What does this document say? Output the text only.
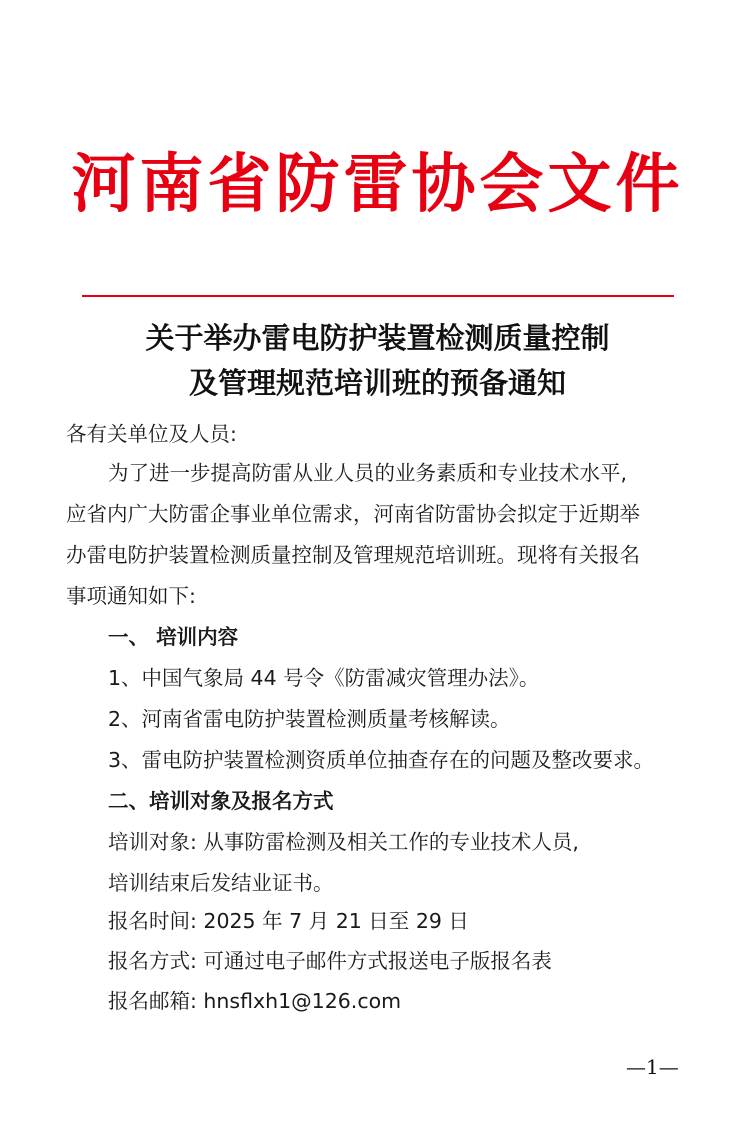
河南省防雷协会文件
关于举办雷电防护装置检测质量控制
及管理规范培训班的预备通知
各有关单位及人员:
为了进一步提高防雷从业人员的业务素质和专业技术水平,
应省内广大防雷企事业单位需求，河南省防雷协会拟定于近期举
办雷电防护装置检测质量控制及管理规范培训班。现将有关报名
事项通知如下:
一、 培训内容
1、中国气象局 44 号令《防雷减灾管理办法》。
2、河南省雷电防护装置检测质量考核解读。
3、雷电防护装置检测资质单位抽查存在的问题及整改要求。
二、培训对象及报名方式
培训对象: 从事防雷检测及相关工作的专业技术人员,
培训结束后发结业证书。
报名时间: 2025 年 7 月 21 日至 29 日
报名方式: 可通过电子邮件方式报送电子版报名表
报名邮箱: hnsflxh1@126.com
—1—
